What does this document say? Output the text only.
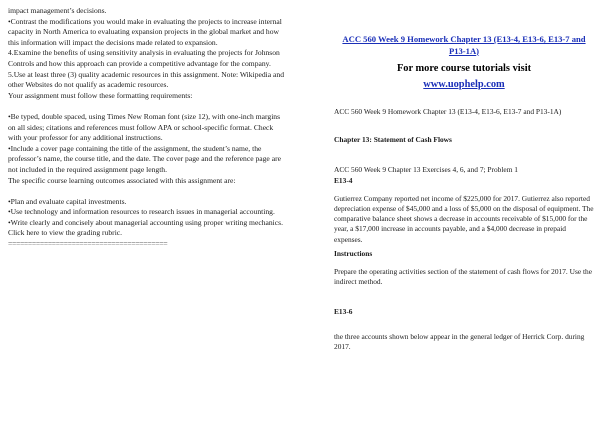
impact management’s decisions.

•Contrast the modifications you would make in evaluating the projects to increase internal capacity in North America to evaluating expansion projects in the global market and how this information will impact the decisions made related to expansion.

4.Examine the benefits of using sensitivity analysis in evaluating the projects for Johnson Controls and how this approach can provide a competitive advantage for the company.

5.Use at least three (3) quality academic resources in this assignment. Note: Wikipedia and other Websites do not qualify as academic resources.

Your assignment must follow these formatting requirements:

•Be typed, double spaced, using Times New Roman font (size 12), with one-inch margins on all sides; citations and references must follow APA or school-specific format. Check with your professor for any additional instructions.

•Include a cover page containing the title of the assignment, the student’s name, the professor’s name, the course title, and the date. The cover page and the reference page are not included in the required assignment page length.

The specific course learning outcomes associated with this assignment are:

•Plan and evaluate capital investments.

•Use technology and information resources to research issues in managerial accounting.

•Write clearly and concisely about managerial accounting using proper writing mechanics.

Click here to view the grading rubric.

========================================

ACC 560 Week 9 Homework Chapter 13 (E13-4, E13-6, E13-7 and P13-1A)

For more course tutorials visit

www.uophelp.com

ACC 560 Week 9 Homework Chapter 13 (E13-4, E13-6, E13-7 and P13-1A)

Chapter 13: Statement of Cash Flows

ACC 560 Week 9 Chapter 13 Exercises 4, 6, and 7; Problem 1

E13-4

Gutierrez Company reported net income of $225,000 for 2017. Gutierrez also reported depreciation expense of $45,000 and a loss of $5,000 on the disposal of equipment. The comparative balance sheet shows a decrease in accounts receivable of $15,000 for the year, a $17,000 increase in accounts payable, and a $4,000 decrease in prepaid expenses.

Instructions

Prepare the operating activities section of the statement of cash flows for 2017. Use the indirect method.

E13-6

the three accounts shown below appear in the general ledger of Herrick Corp. during 2017.
